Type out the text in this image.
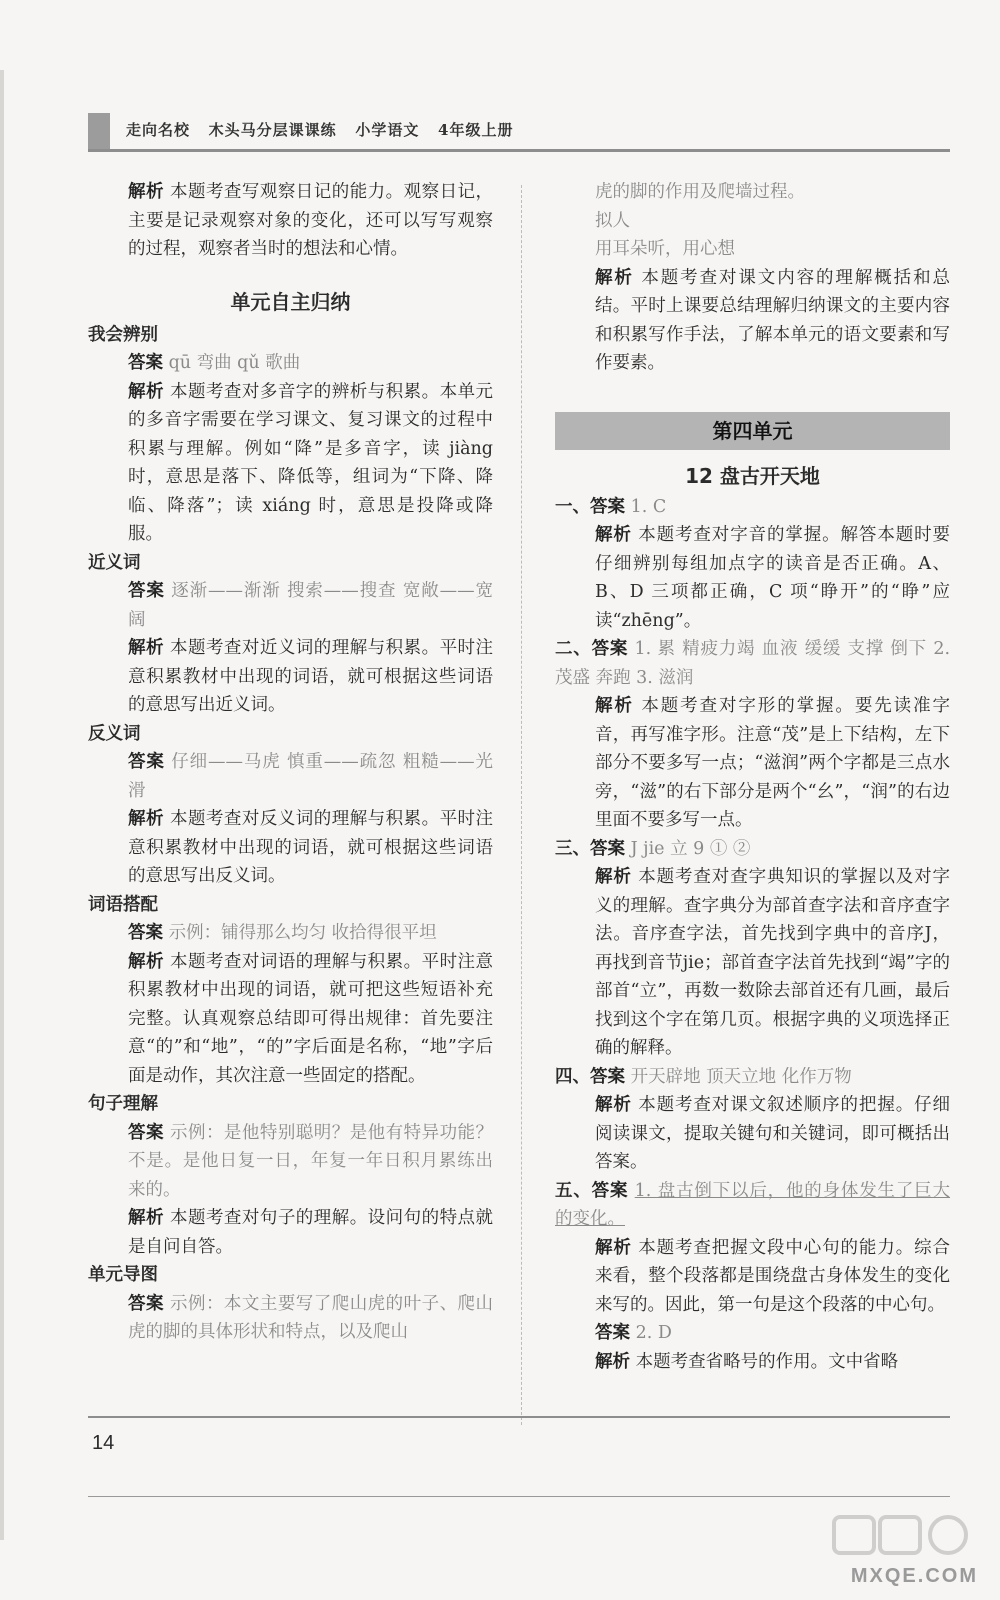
走向名校   木头马分层课课练   小学语文   4年级上册

解析 本题考查写观察日记的能力。观察日记，主要是记录观察对象的变化，还可以写写观察的过程，观察者当时的想法和心情。

单元自主归纳

我会辨别

答案 qū 弯曲 qǔ 歌曲

解析 本题考查对多音字的辨析与积累。本单元的多音字需要在学习课文、复习课文的过程中积累与理解。例如“降”是多音字，读 jiàng 时，意思是落下、降低等，组词为“下降、降临、降落”；读 xiáng 时，意思是投降或降服。

近义词

答案 逐渐——渐渐 搜索——搜查 宽敞——宽阔

解析 本题考查对近义词的理解与积累。平时注意积累教材中出现的词语，就可根据这些词语的意思写出近义词。

反义词

答案 仔细——马虎 慎重——疏忽 粗糙——光滑

解析 本题考查对反义词的理解与积累。平时注意积累教材中出现的词语，就可根据这些词语的意思写出反义词。

词语搭配

答案 示例：铺得那么均匀 收拾得很平坦

解析 本题考查对词语的理解与积累。平时注意积累教材中出现的词语，就可把这些短语补充完整。认真观察总结即可得出规律：首先要注意“的”和“地”，“的”字后面是名称，“地”字后面是动作，其次注意一些固定的搭配。

句子理解

答案 示例：是他特别聪明？是他有特异功能？不是。是他日复一日，年复一年日积月累练出来的。

解析 本题考查对句子的理解。设问句的特点就是自问自答。

单元导图

答案 示例：本文主要写了爬山虎的叶子、爬山虎的脚的具体形状和特点，以及爬山

虎的脚的作用及爬墙过程。

拟人

用耳朵听，用心想

解析 本题考查对课文内容的理解概括和总结。平时上课要总结理解归纳课文的主要内容和积累写作手法，了解本单元的语文要素和写作要素。

第四单元
12 盘古开天地

一、答案 1. C

解析 本题考查对字音的掌握。解答本题时要仔细辨别每组加点字的读音是否正确。A、B、D 三项都正确，C 项“睁开”的“睁”应读“zhēng”。

二、答案 1. 累 精疲力竭 血液 缓缓 支撑 倒下 2. 茂盛 奔跑 3. 滋润

解析 本题考查对字形的掌握。要先读准字音，再写准字形。注意“茂”是上下结构，左下部分不要多写一点；“滋润”两个字都是三点水旁，“滋”的右下部分是两个“幺”，“润”的右边里面不要多写一点。

三、答案 J jie 立 9 ① ②

解析 本题考查对查字典知识的掌握以及对字义的理解。查字典分为部首查字法和音序查字法。音序查字法，首先找到字典中的音序J，再找到音节jie；部首查字法首先找到“竭”字的部首“立”，再数一数除去部首还有几画，最后找到这个字在第几页。根据字典的义项选择正确的解释。

四、答案 开天辟地 顶天立地 化作万物

解析 本题考查对课文叙述顺序的把握。仔细阅读课文，提取关键句和关键词，即可概括出答案。

五、答案 1. 盘古倒下以后，他的身体发生了巨大的变化。

解析 本题考查把握文段中心句的能力。综合来看，整个段落都是围绕盘古身体发生的变化来写的。因此，第一句是这个段落的中心句。

答案 2. D

解析 本题考查省略号的作用。文中省略

14
MXQE.COM
